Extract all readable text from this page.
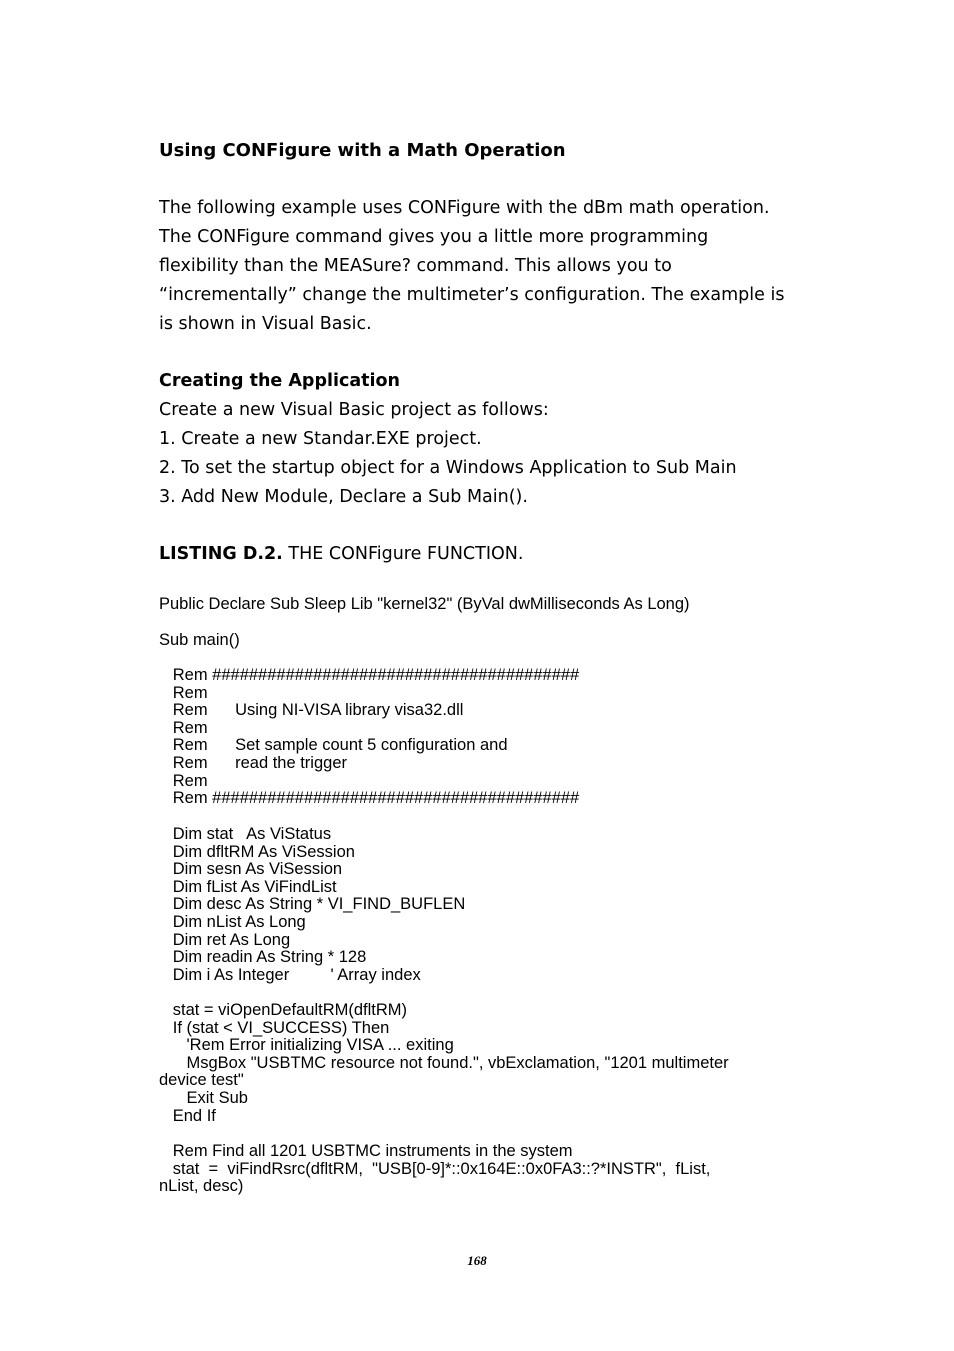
Using CONFigure with a Math Operation

The following example uses CONFigure with the dBm math operation.

The CONFigure command gives you a little more programming

flexibility than the MEASure? command. This allows you to

“incrementally” change the multimeter’s configuration. The example is

is shown in Visual Basic.

Creating the Application

Create a new Visual Basic project as follows:

1. Create a new Standar.EXE project.

2. To set the startup object for a Windows Application to Sub Main

3. Add New Module, Declare a Sub Main().

LISTING D.2. THE CONFigure FUNCTION.

Public Declare Sub Sleep Lib "kernel32" (ByVal dwMilliseconds As Long)
Sub main()
Rem ########################################
Rem
Rem      Using NI-VISA library visa32.dll
Rem
Rem      Set sample count 5 configuration and
Rem      read the trigger
Rem
Rem ########################################
Dim stat   As ViStatus
Dim dfltRM As ViSession
Dim sesn As ViSession
Dim fList As ViFindList
Dim desc As String * VI_FIND_BUFLEN
Dim nList As Long
Dim ret As Long
Dim readin As String * 128
Dim i As Integer         ' Array index
stat = viOpenDefaultRM(dfltRM)
If (stat < VI_SUCCESS) Then
'Rem Error initializing VISA ... exiting
MsgBox "USBTMC resource not found.", vbExclamation, "1201 multimeter
device test"
Exit Sub
End If
Rem Find all 1201 USBTMC instruments in the system
stat  =  viFindRsrc(dfltRM,  "USB[0-9]*::0x164E::0x0FA3::?*INSTR",  fList,
nList, desc)
168
